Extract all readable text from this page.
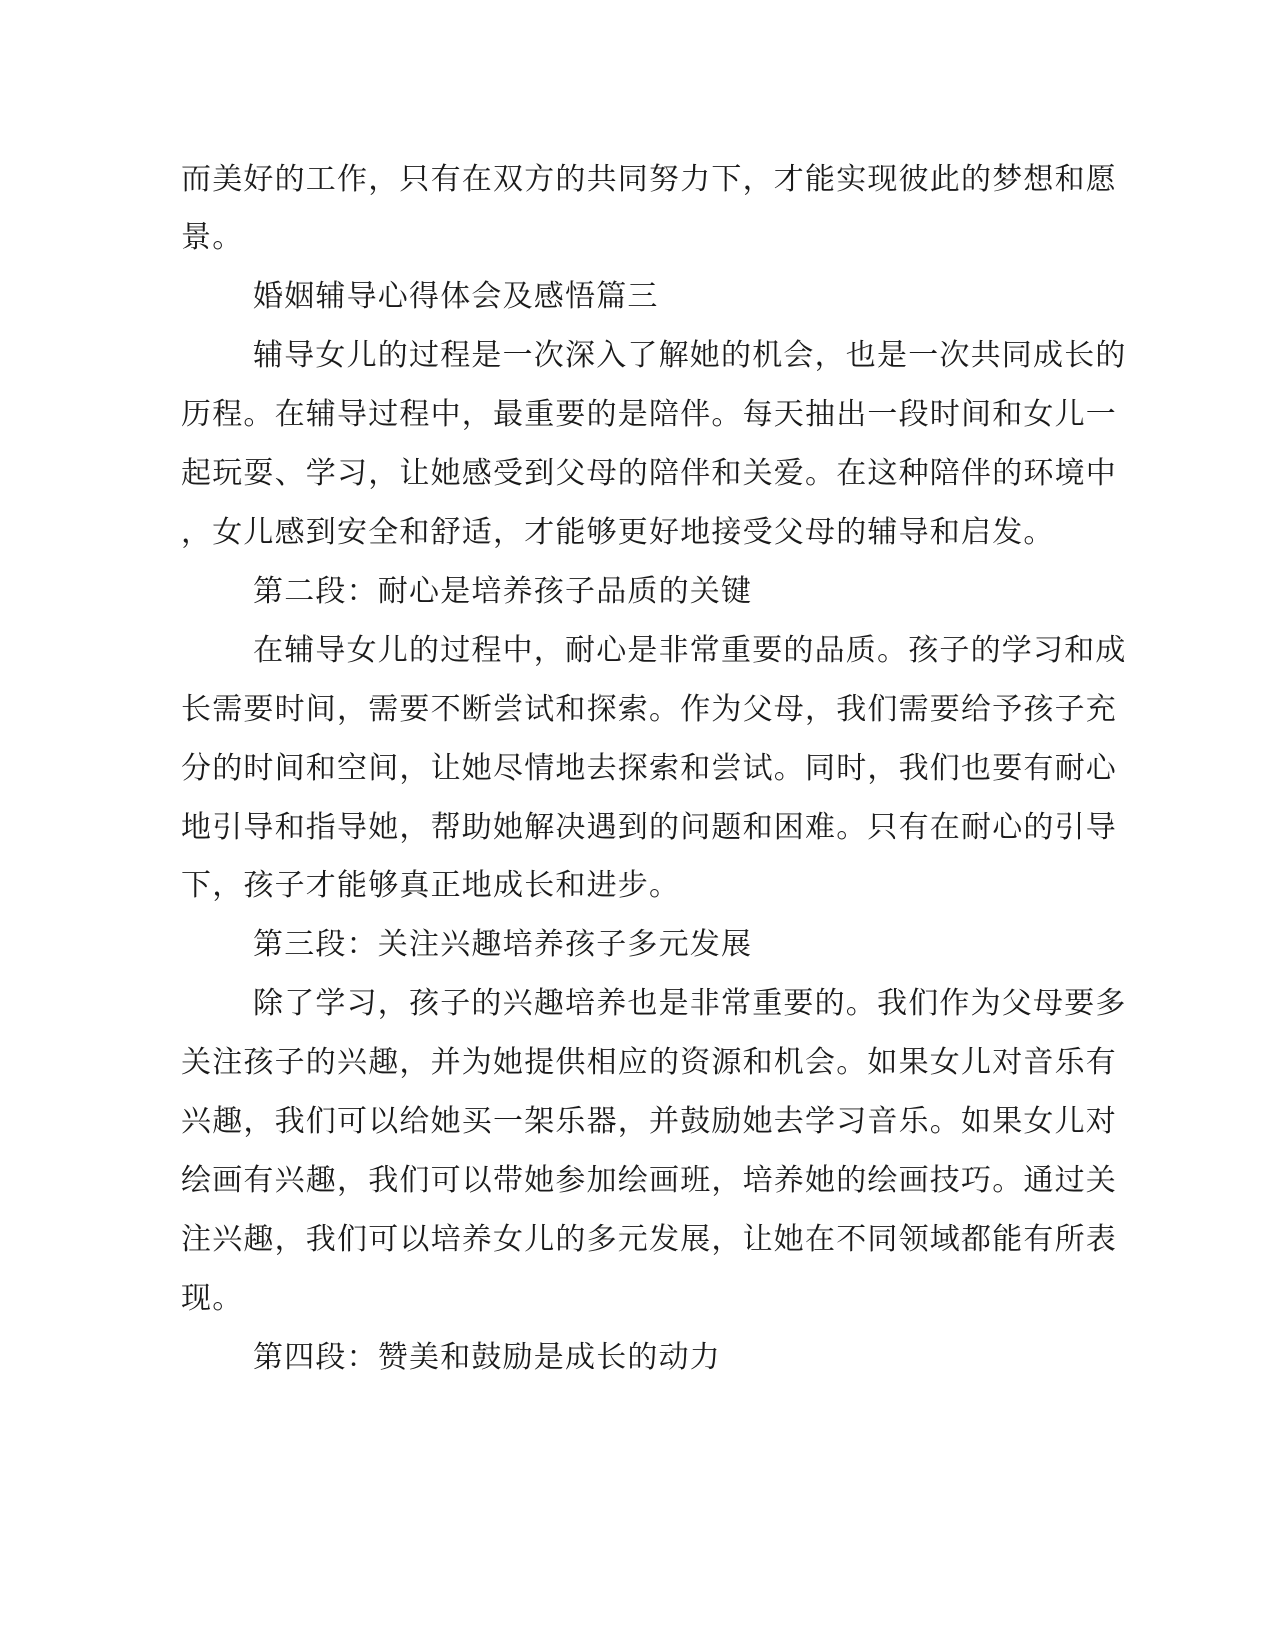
而美好的工作，只有在双方的共同努力下，才能实现彼此的梦想和愿
景。
婚姻辅导心得体会及感悟篇三
辅导女儿的过程是一次深入了解她的机会，也是一次共同成长的
历程。在辅导过程中，最重要的是陪伴。每天抽出一段时间和女儿一
起玩耍、学习，让她感受到父母的陪伴和关爱。在这种陪伴的环境中
，女儿感到安全和舒适，才能够更好地接受父母的辅导和启发。
第二段：耐心是培养孩子品质的关键
在辅导女儿的过程中，耐心是非常重要的品质。孩子的学习和成
长需要时间，需要不断尝试和探索。作为父母，我们需要给予孩子充
分的时间和空间，让她尽情地去探索和尝试。同时，我们也要有耐心
地引导和指导她，帮助她解决遇到的问题和困难。只有在耐心的引导
下，孩子才能够真正地成长和进步。
第三段：关注兴趣培养孩子多元发展
除了学习，孩子的兴趣培养也是非常重要的。我们作为父母要多
关注孩子的兴趣，并为她提供相应的资源和机会。如果女儿对音乐有
兴趣，我们可以给她买一架乐器，并鼓励她去学习音乐。如果女儿对
绘画有兴趣，我们可以带她参加绘画班，培养她的绘画技巧。通过关
注兴趣，我们可以培养女儿的多元发展，让她在不同领域都能有所表
现。
第四段：赞美和鼓励是成长的动力
